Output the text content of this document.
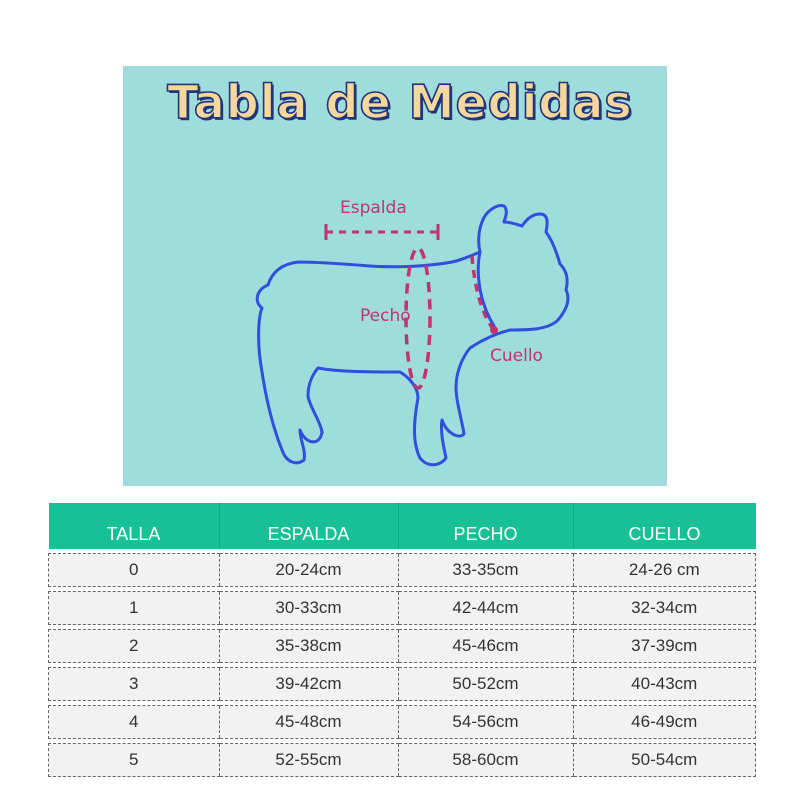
Tabla de Medidas
Espalda
Pecho
Cuello
TALLA	ESPALDA	PECHO	CUELLO

0	20-24cm	33-35cm	24-26 cm

1	30-33cm	42-44cm	32-34cm

2	35-38cm	45-46cm	37-39cm

3	39-42cm	50-52cm	40-43cm

4	45-48cm	54-56cm	46-49cm

5	52-55cm	58-60cm	50-54cm
